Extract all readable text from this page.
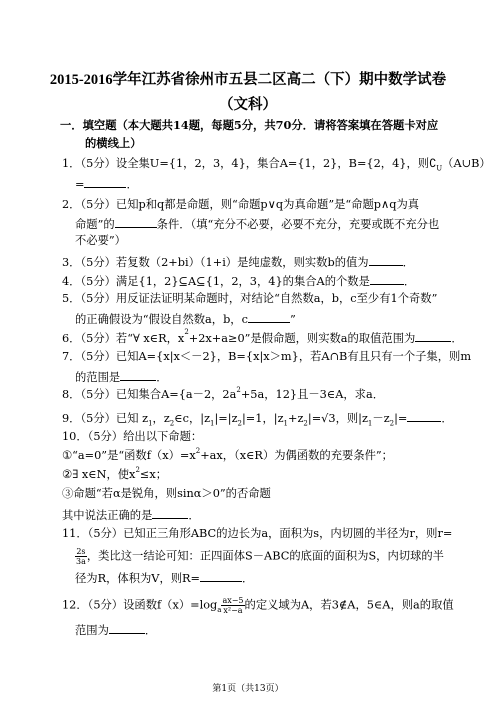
2015-2016学年江苏省徐州市五县二区高二（下）期中数学试卷
（文科）
一．填空题（本大题共14题，每题5分，共70分．请将答案填在答题卡对应
的横线上）
1．（5分）设全集U={1，2，3，4}，集合A={1，2}，B={2，4}，则$∁_U(A\cup B)$
=	．
2．（5分）已知p和q都是命题，则“命题p∨q为真命题”是“命题p∧q为真
命题”的	条件．（填“充分不必要，必要不充分，充要或既不充分也
不必要”）
3．（5分）若复数（2+bi）（1+i）是纯虚数，则实数b的值为	．
4．（5分）满足{1，2}⊆A⊆{1，2，3，4}的集合A的个数是	．
5．（5分）用反证法证明某命题时，对结论“自然数a，b，c至少有1个奇数”
的正确假设为“假设自然数a，b，c	”
6．（5分）若“∀ x∈R，$x^2+2x+a\ge 0$”是假命题，则实数a的取值范围为	．
7．（5分）已知A={x|x＜－2}，B={x|x＞m}，若A∩B有且只有一个子集，则m
的范围是	．
8．（5分）已知集合A={a－2，$2a^2+5a$，12}且－3∈A，求a．
9．（5分）已知 $z_1$，$z_2\in c$，$|z_1|=|z_2|=1$，$|z_1+z_2|=√3$，则$|z_1-z_2|=$	．
10．（5分）给出以下命题：
①“a=0”是“函数$f(x)=x^2+ax$，（x∈R）为偶函数的充要条件”；
②∃ x∈N，使$x^2\le x$；
③命题“若α是锐角，则sinα＞0”的否命题
其中说法正确的是	．
11．（5分）已知正三角形ABC的边长为a，面积为s，内切圆的半径为r，则r=
$\frac{2s}{3a}$ ，类比这一结论可知：正四面体S－ABC的底面的面积为S，内切球的半
径为R，体积为V，则R=	．
12．（5分）设函数$f(x)=\log_a \frac{ax-5}{\text{x²−a}}$ 的定义域为A，若3∉A，5∈A，则a的取值
范围为	．
第1页（共13页）
